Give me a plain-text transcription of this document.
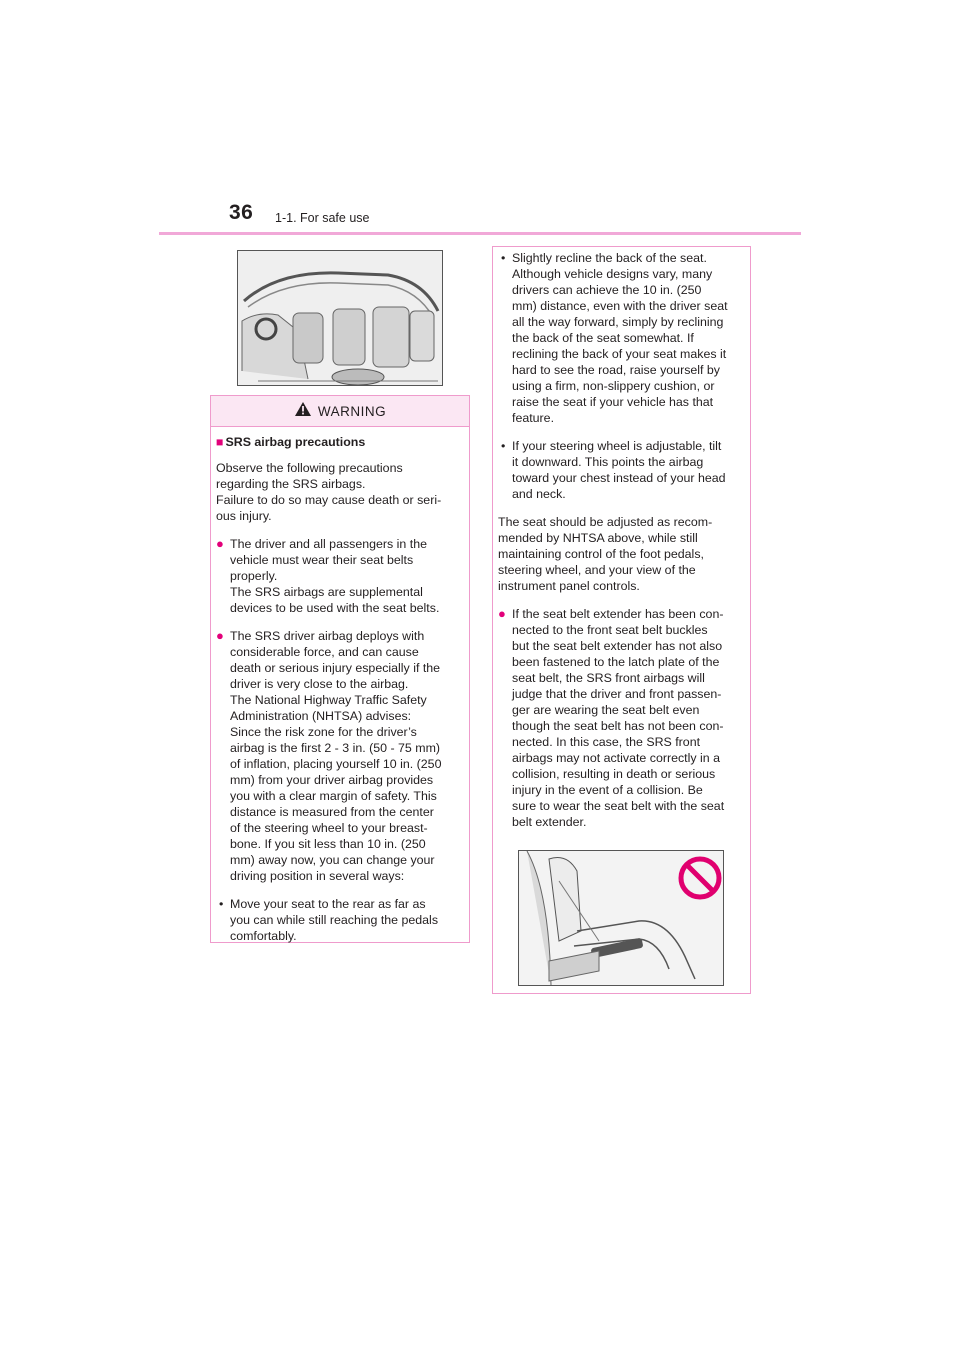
36 1-1. For safe use
WARNING
■ SRS airbag precautions
Observe the following precautions
regarding the SRS airbags.
Failure to do so may cause death or seri-
ous injury.
● The driver and all passengers in the
vehicle must wear their seat belts
properly.
The SRS airbags are supplemental
devices to be used with the seat belts.
● The SRS driver airbag deploys with
considerable force, and can cause
death or serious injury especially if the
driver is very close to the airbag.
The National Highway Traffic Safety
Administration (NHTSA) advises:
Since the risk zone for the driver’s
airbag is the first 2 - 3 in. (50 - 75 mm)
of inflation, placing yourself 10 in. (250
mm) from your driver airbag provides
you with a clear margin of safety. This
distance is measured from the center
of the steering wheel to your breast-
bone. If you sit less than 10 in. (250
mm) away now, you can change your
driving position in several ways:
• Move your seat to the rear as far as
you can while still reaching the pedals
comfortably.
• Slightly recline the back of the seat.
Although vehicle designs vary, many
drivers can achieve the 10 in. (250
mm) distance, even with the driver seat
all the way forward, simply by reclining
the back of the seat somewhat. If
reclining the back of your seat makes it
hard to see the road, raise yourself by
using a firm, non-slippery cushion, or
raise the seat if your vehicle has that
feature.
• If your steering wheel is adjustable, tilt
it downward. This points the airbag
toward your chest instead of your head
and neck.
The seat should be adjusted as recom-
mended by NHTSA above, while still
maintaining control of the foot pedals,
steering wheel, and your view of the
instrument panel controls.
● If the seat belt extender has been con-
nected to the front seat belt buckles
but the seat belt extender has not also
been fastened to the latch plate of the
seat belt, the SRS front airbags will
judge that the driver and front passen-
ger are wearing the seat belt even
though the seat belt has not been con-
nected. In this case, the SRS front
airbags may not activate correctly in a
collision, resulting in death or serious
injury in the event of a collision. Be
sure to wear the seat belt with the seat
belt extender.
